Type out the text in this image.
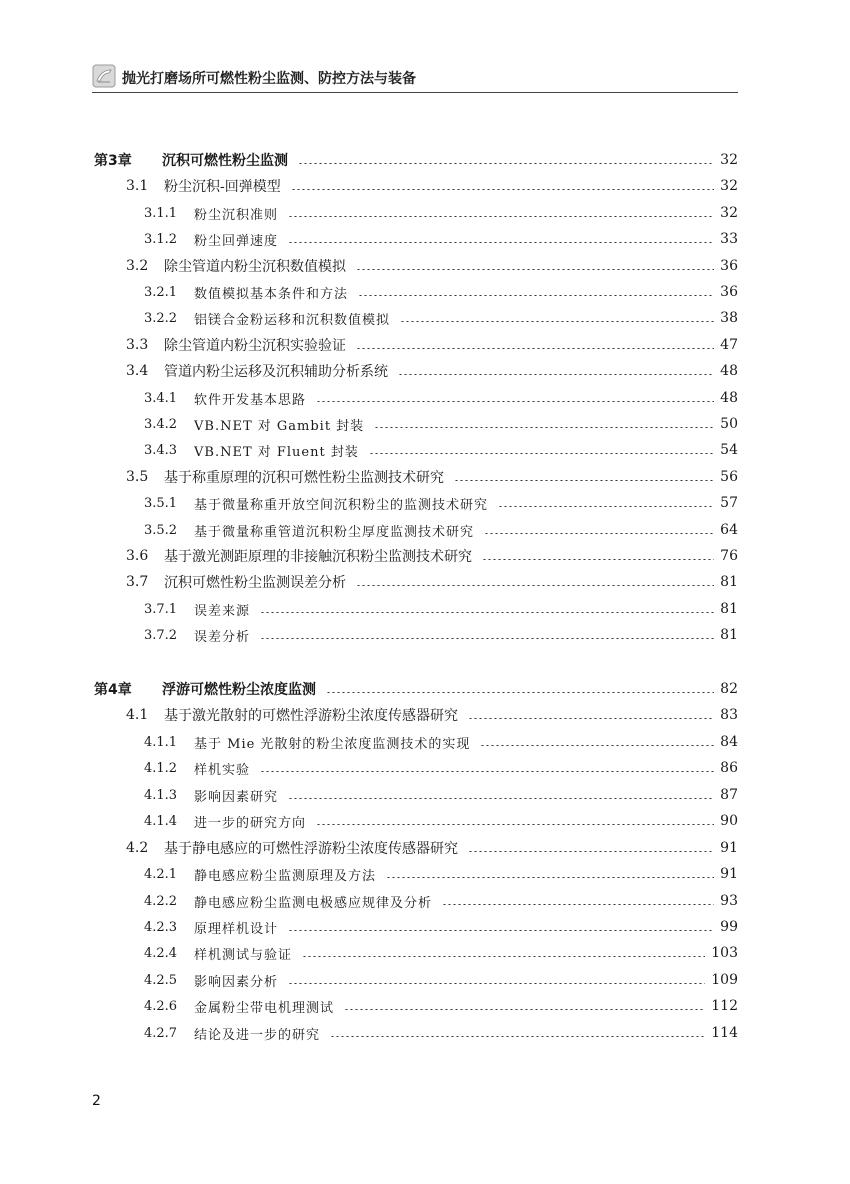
抛光打磨场所可燃性粉尘监测、防控方法与装备
第3章	沉积可燃性粉尘监测	32
3.1	粉尘沉积-回弹模型	32
3.1.1	粉尘沉积准则	32
3.1.2	粉尘回弹速度	33
3.2	除尘管道内粉尘沉积数值模拟	36
3.2.1	数值模拟基本条件和方法	36
3.2.2	铝镁合金粉运移和沉积数值模拟	38
3.3	除尘管道内粉尘沉积实验验证	47
3.4	管道内粉尘运移及沉积辅助分析系统	48
3.4.1	软件开发基本思路	48
3.4.2	VB.NET 对 Gambit 封装	50
3.4.3	VB.NET 对 Fluent 封装	54
3.5	基于称重原理的沉积可燃性粉尘监测技术研究	56
3.5.1	基于微量称重开放空间沉积粉尘的监测技术研究	57
3.5.2	基于微量称重管道沉积粉尘厚度监测技术研究	64
3.6	基于激光测距原理的非接触沉积粉尘监测技术研究	76
3.7	沉积可燃性粉尘监测误差分析	81
3.7.1	误差来源	81
3.7.2	误差分析	81
第4章	浮游可燃性粉尘浓度监测	82
4.1	基于激光散射的可燃性浮游粉尘浓度传感器研究	83
4.1.1	基于 Mie 光散射的粉尘浓度监测技术的实现	84
4.1.2	样机实验	86
4.1.3	影响因素研究	87
4.1.4	进一步的研究方向	90
4.2	基于静电感应的可燃性浮游粉尘浓度传感器研究	91
4.2.1	静电感应粉尘监测原理及方法	91
4.2.2	静电感应粉尘监测电极感应规律及分析	93
4.2.3	原理样机设计	99
4.2.4	样机测试与验证	103
4.2.5	影响因素分析	109
4.2.6	金属粉尘带电机理测试	112
4.2.7	结论及进一步的研究	114
2
